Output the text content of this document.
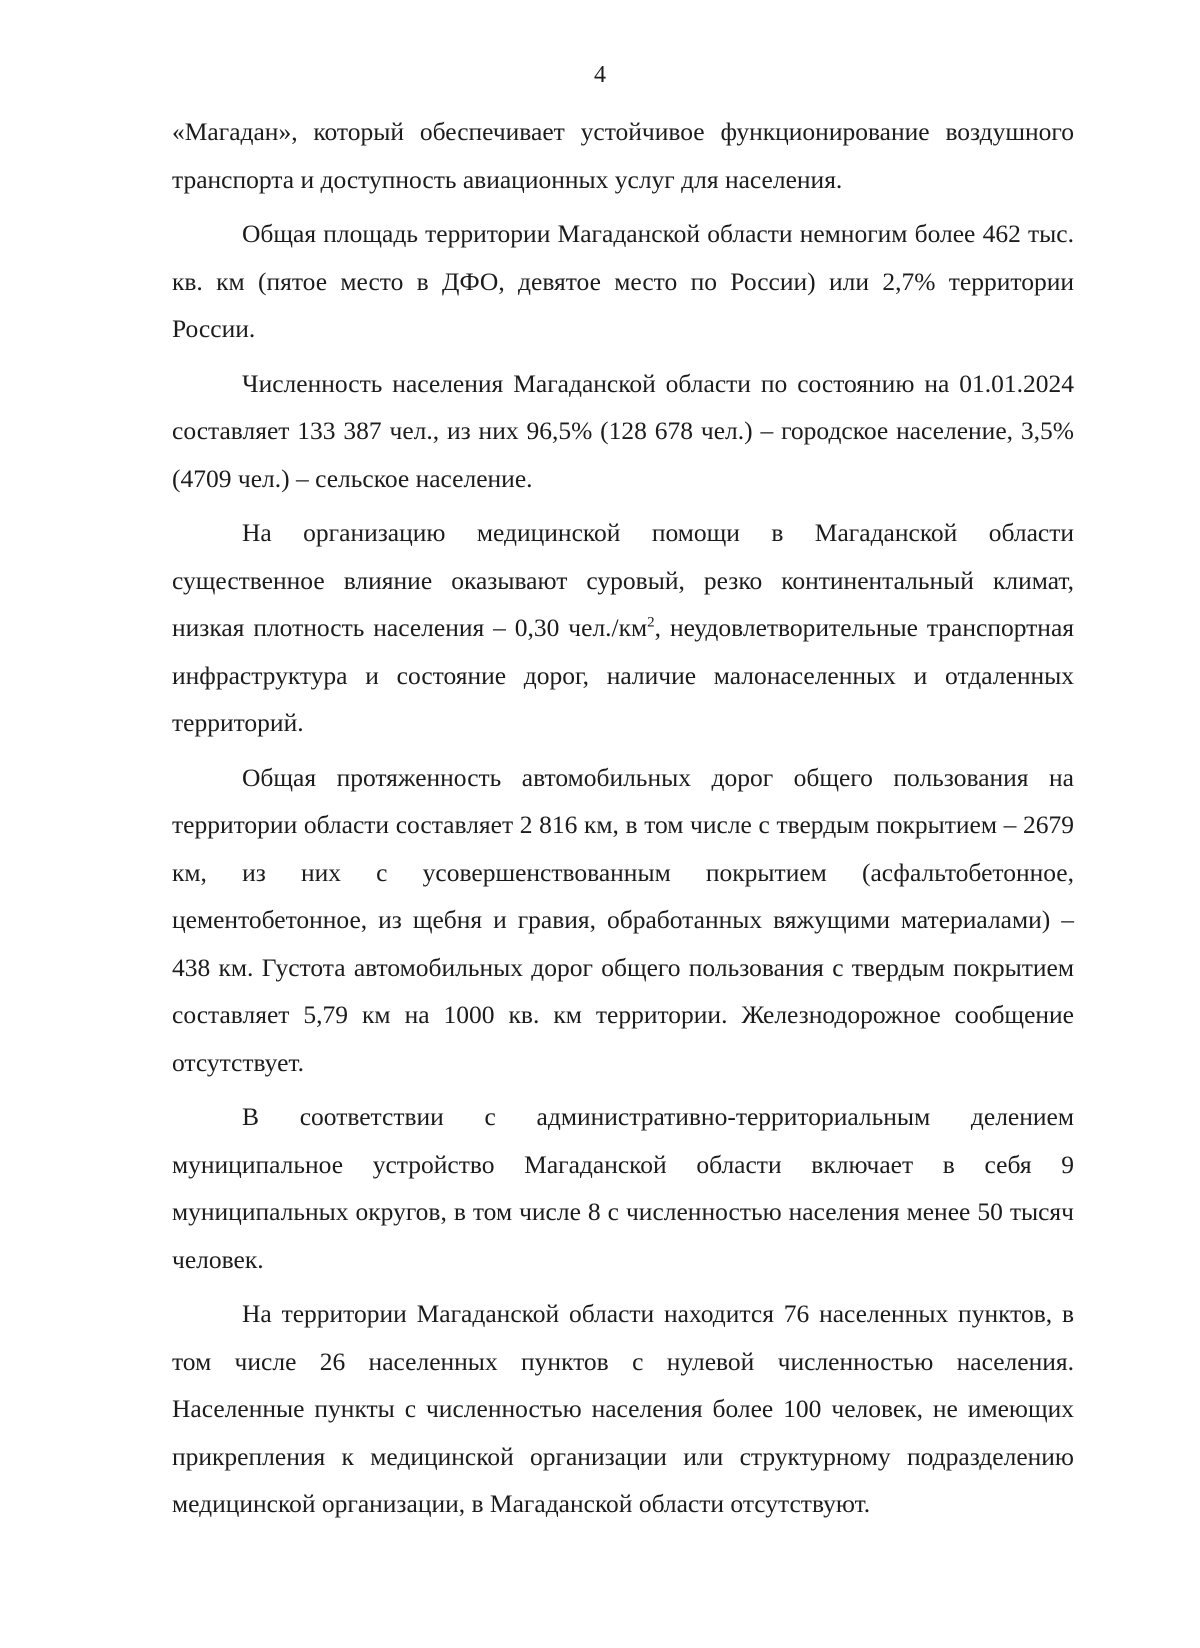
4

«Магадан», который обеспечивает устойчивое функционирование воздушного транспорта и доступность авиационных услуг для населения.

Общая площадь территории Магаданской области немногим более 462 тыс. кв. км (пятое место в ДФО, девятое место по России) или 2,7% территории России.

Численность населения Магаданской области по состоянию на 01.01.2024 составляет 133 387 чел., из них 96,5% (128 678 чел.) – городское население, 3,5% (4709 чел.) – сельское население.

На организацию медицинской помощи в Магаданской области существенное влияние оказывают суровый, резко континентальный климат, низкая плотность населения – 0,30 $чел./км^2$, неудовлетворительные транспортная инфраструктура и состояние дорог, наличие малонаселенных и отдаленных территорий.

Общая протяженность автомобильных дорог общего пользования на территории области составляет 2 816 км, в том числе с твердым покрытием – 2679 км, из них с усовершенствованным покрытием (асфальтобетонное, цементобетонное, из щебня и гравия, обработанных вяжущими материалами) – 438 км. Густота автомобильных дорог общего пользования с твердым покрытием составляет 5,79 км на 1000 кв. км территории. Железнодорожное сообщение отсутствует.

В соответствии с административно-территориальным делением муниципальное устройство Магаданской области включает в себя 9 муниципальных округов, в том числе 8 с численностью населения менее 50 тысяч человек.

На территории Магаданской области находится 76 населенных пунктов, в том числе 26 населенных пунктов с нулевой численностью населения. Населенные пункты с численностью населения более 100 человек, не имеющих прикрепления к медицинской организации или структурному подразделению медицинской организации, в Магаданской области отсутствуют.
